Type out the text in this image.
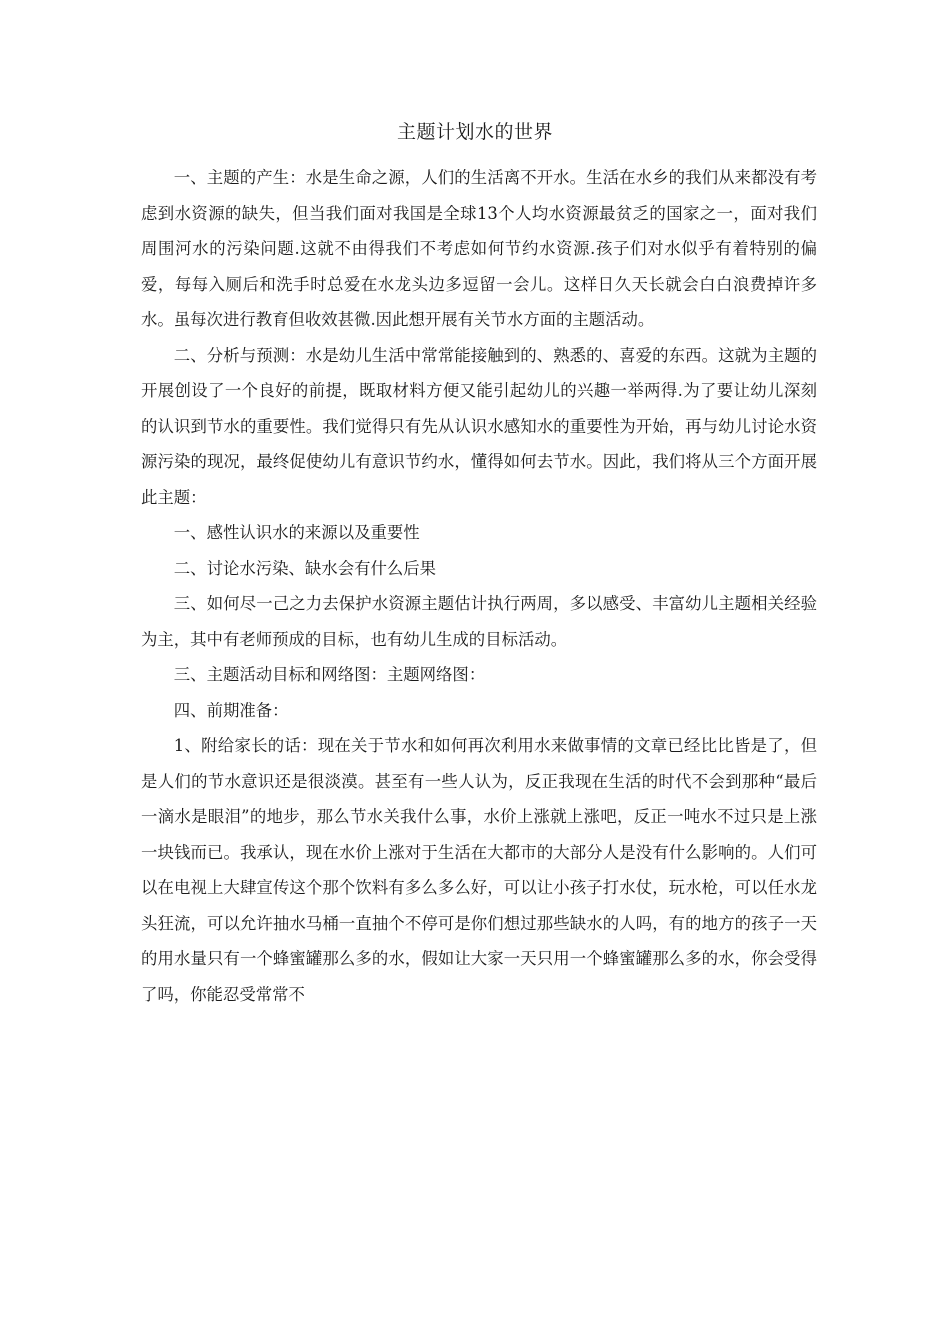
主题计划水的世界

一、主题的产生：水是生命之源，人们的生活离不开水。生活在水乡的我们从来都没有考虑到水资源的缺失，但当我们面对我国是全球13个人均水资源最贫乏的国家之一，面对我们周围河水的污染问题.这就不由得我们不考虑如何节约水资源.孩子们对水似乎有着特别的偏爱，每每入厕后和洗手时总爱在水龙头边多逗留一会儿。这样日久天长就会白白浪费掉许多水。虽每次进行教育但收效甚微.因此想开展有关节水方面的主题活动。

二、分析与预测：水是幼儿生活中常常能接触到的、熟悉的、喜爱的东西。这就为主题的开展创设了一个良好的前提，既取材料方便又能引起幼儿的兴趣一举两得.为了要让幼儿深刻的认识到节水的重要性。我们觉得只有先从认识水感知水的重要性为开始，再与幼儿讨论水资源污染的现况，最终促使幼儿有意识节约水，懂得如何去节水。因此，我们将从三个方面开展此主题：

一、感性认识水的来源以及重要性

二、讨论水污染、缺水会有什么后果

三、如何尽一己之力去保护水资源主题估计执行两周，多以感受、丰富幼儿主题相关经验为主，其中有老师预成的目标，也有幼儿生成的目标活动。

三、主题活动目标和网络图：主题网络图：

四、前期准备：

1、附给家长的话：现在关于节水和如何再次利用水来做事情的文章已经比比皆是了，但是人们的节水意识还是很淡漠。甚至有一些人认为，反正我现在生活的时代不会到那种“最后一滴水是眼泪”的地步，那么节水关我什么事，水价上涨就上涨吧，反正一吨水不过只是上涨一块钱而已。我承认，现在水价上涨对于生活在大都市的大部分人是没有什么影响的。人们可以在电视上大肆宣传这个那个饮料有多么多么好，可以让小孩子打水仗，玩水枪，可以任水龙头狂流，可以允许抽水马桶一直抽个不停可是你们想过那些缺水的人吗，有的地方的孩子一天的用水量只有一个蜂蜜罐那么多的水，假如让大家一天只用一个蜂蜜罐那么多的水，你会受得了吗，你能忍受常常不
